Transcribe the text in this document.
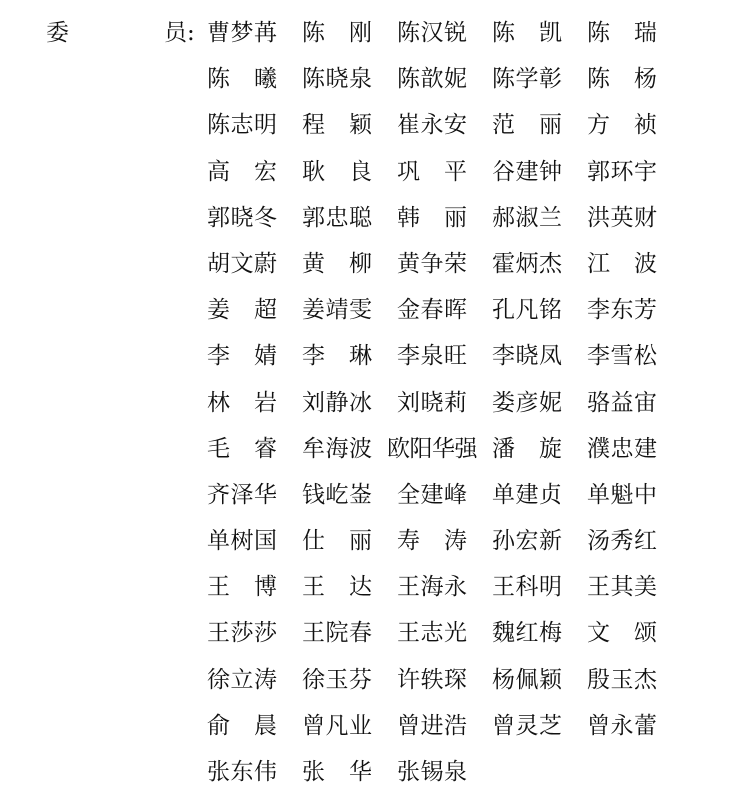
委	员: 曹 梦 苒 陈 刚 陈 汉 锐 陈 凯 陈 瑞
陈 曦 陈 晓 泉 陈 歆 妮 陈 学 彰 陈 杨
陈 志 明 程 颖 崔 永 安 范 丽 方 祯
高 宏 耿 良 巩 平 谷 建 钟 郭 环 宇
郭 晓 冬 郭 忠 聪 韩 丽 郝 淑 兰 洪 英 财
胡 文 蔚 黄 柳 黄 争 荣 霍 炳 杰 江 波
姜 超 姜 靖 雯 金 春 晖 孔 凡 铭 李 东 芳
李 婧 李 琳 李 泉 旺 李 晓 凤 李 雪 松
林 岩 刘 静 冰 刘 晓 莉 娄 彦 妮 骆 益 宙
毛 睿 牟 海 波 欧 阳 华 强 潘 旋 濮 忠 建
齐 泽 华 钱 屹 崟 全 建 峰 单 建 贞 单 魁 中
单 树 国 仕 丽 寿 涛 孙 宏 新 汤 秀 红
王 博 王 达 王 海 永 王 科 明 王 其 美
王 莎 莎 王 院 春 王 志 光 魏 红 梅 文 颂
徐 立 涛 徐 玉 芬 许 轶 琛 杨 佩 颖 殷 玉 杰
俞 晨 曾 凡 业 曾 进 浩 曾 灵 芝 曾 永 蕾
张 东 伟 张 华 张 锡 泉
